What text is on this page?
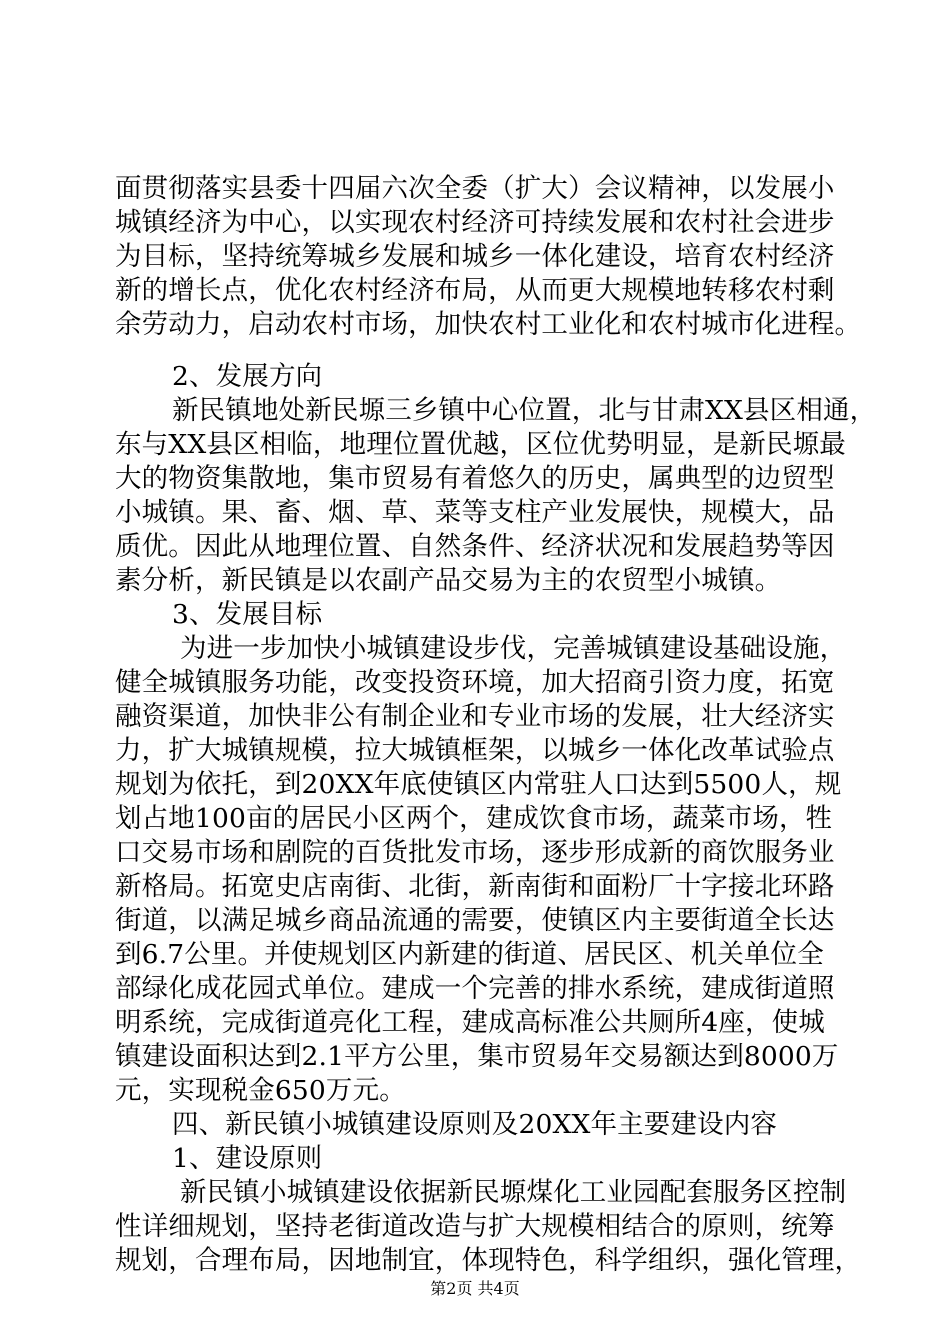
面贯彻落实县委十四届六次全委（扩大）会议精神，以发展小
城镇经济为中心，以实现农村经济可持续发展和农村社会进步
为目标，坚持统筹城乡发展和城乡一体化建设，培育农村经济
新的增长点，优化农村经济布局，从而更大规模地转移农村剩
余劳动力，启动农村市场，加快农村工业化和农村城市化进程。
2、发展方向
新民镇地处新民塬三乡镇中心位置，北与甘肃XX县区相通，
东与XX县区相临，地理位置优越，区位优势明显，是新民塬最
大的物资集散地，集市贸易有着悠久的历史，属典型的边贸型
小城镇。果、畜、烟、草、菜等支柱产业发展快，规模大，品
质优。因此从地理位置、自然条件、经济状况和发展趋势等因
素分析，新民镇是以农副产品交易为主的农贸型小城镇。
3、发展目标
为进一步加快小城镇建设步伐，完善城镇建设基础设施，
健全城镇服务功能，改变投资环境，加大招商引资力度，拓宽
融资渠道，加快非公有制企业和专业市场的发展，壮大经济实
力，扩大城镇规模，拉大城镇框架，以城乡一体化改革试验点
规划为依托，到20XX年底使镇区内常驻人口达到5500人，规
划占地100亩的居民小区两个，建成饮食市场，蔬菜市场，牲
口交易市场和剧院的百货批发市场，逐步形成新的商饮服务业
新格局。拓宽史店南街、北街，新南街和面粉厂十字接北环路
街道，以满足城乡商品流通的需要，使镇区内主要街道全长达
到6.7公里。并使规划区内新建的街道、居民区、机关单位全
部绿化成花园式单位。建成一个完善的排水系统，建成街道照
明系统，完成街道亮化工程，建成高标准公共厕所4座，使城
镇建设面积达到2.1平方公里，集市贸易年交易额达到8000万
元，实现税金650万元。
四、新民镇小城镇建设原则及20XX年主要建设内容
1、建设原则
新民镇小城镇建设依据新民塬煤化工业园配套服务区控制
性详细规划，坚持老街道改造与扩大规模相结合的原则，统筹
规划，合理布局，因地制宜，体现特色，科学组织，强化管理，
第2页 共4页
